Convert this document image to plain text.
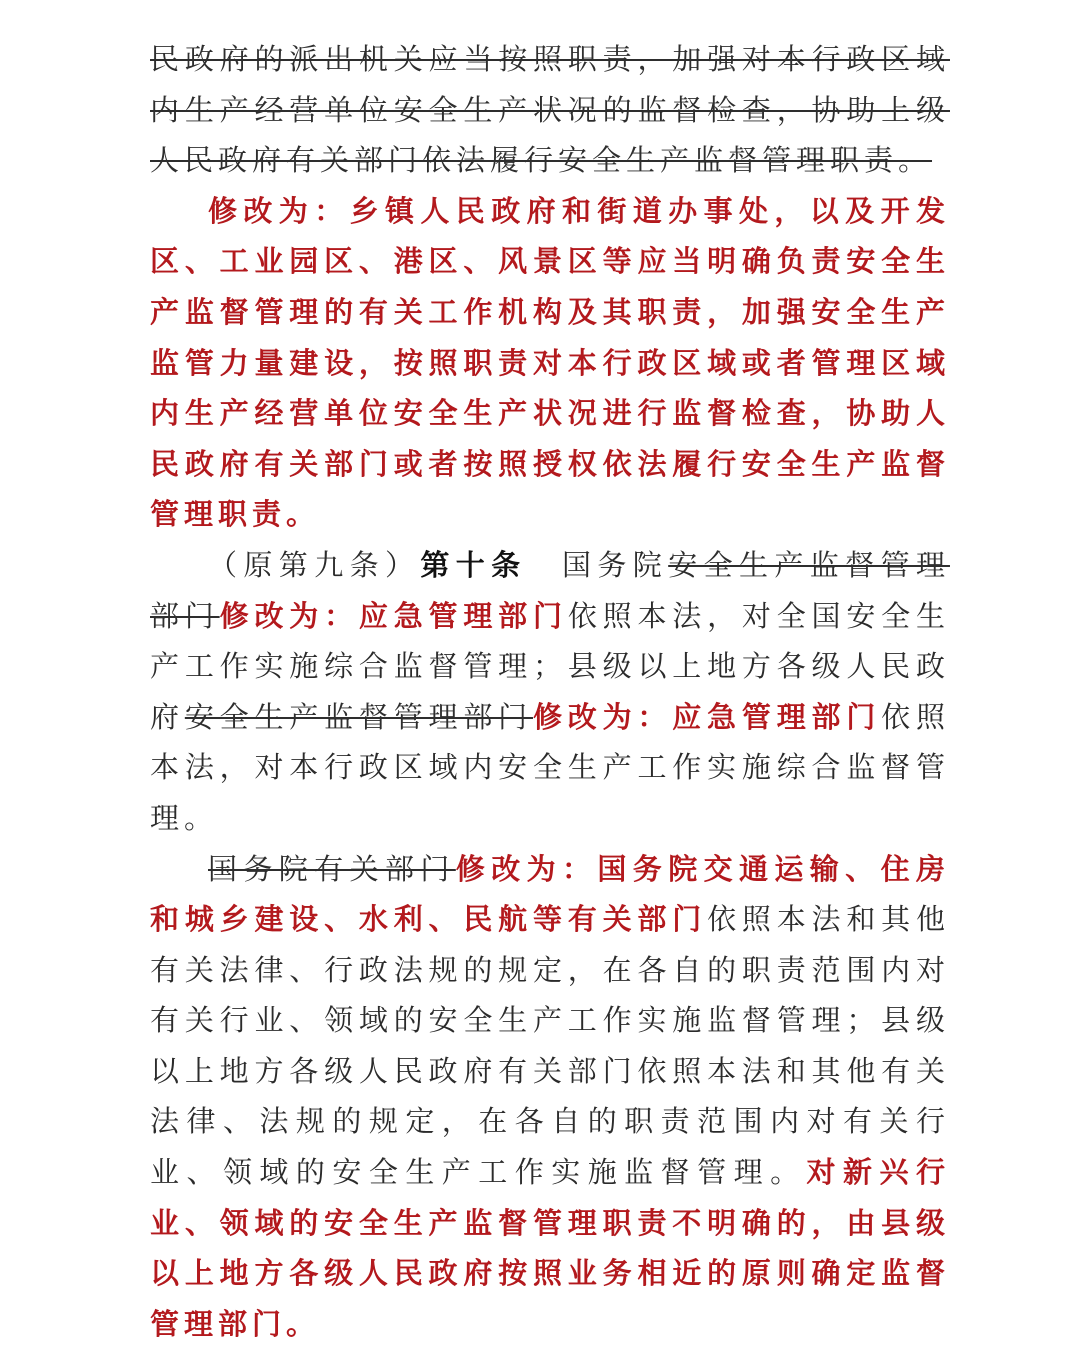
民政府的派出机关应当按照职责，加强对本行政区域内生产经营单位安全生产状况的监督检查，协助上级人民政府有关部门依法履行安全生产监督管理职责。

修改为：乡镇人民政府和街道办事处，以及开发区、工业园区、港区、风景区等应当明确负责安全生产监督管理的有关工作机构及其职责，加强安全生产监管力量建设，按照职责对本行政区域或者管理区域内生产经营单位安全生产状况进行监督检查，协助人民政府有关部门或者按照授权依法履行安全生产监督管理职责。

（原第九条）第十条　国务院安全生产监督管理部门修改为：应急管理部门依照本法，对全国安全生产工作实施综合监督管理；县级以上地方各级人民政府安全生产监督管理部门修改为：应急管理部门依照本法，对本行政区域内安全生产工作实施综合监督管理。

国务院有关部门修改为：国务院交通运输、住房和城乡建设、水利、民航等有关部门依照本法和其他有关法律、行政法规的规定，在各自的职责范围内对有关行业、领域的安全生产工作实施监督管理；县级以上地方各级人民政府有关部门依照本法和其他有关法律、法规的规定，在各自的职责范围内对有关行业、领域的安全生产工作实施监督管理。对新兴行业、领域的安全生产监督管理职责不明确的，由县级以上地方各级人民政府按照业务相近的原则确定监督管理部门。
